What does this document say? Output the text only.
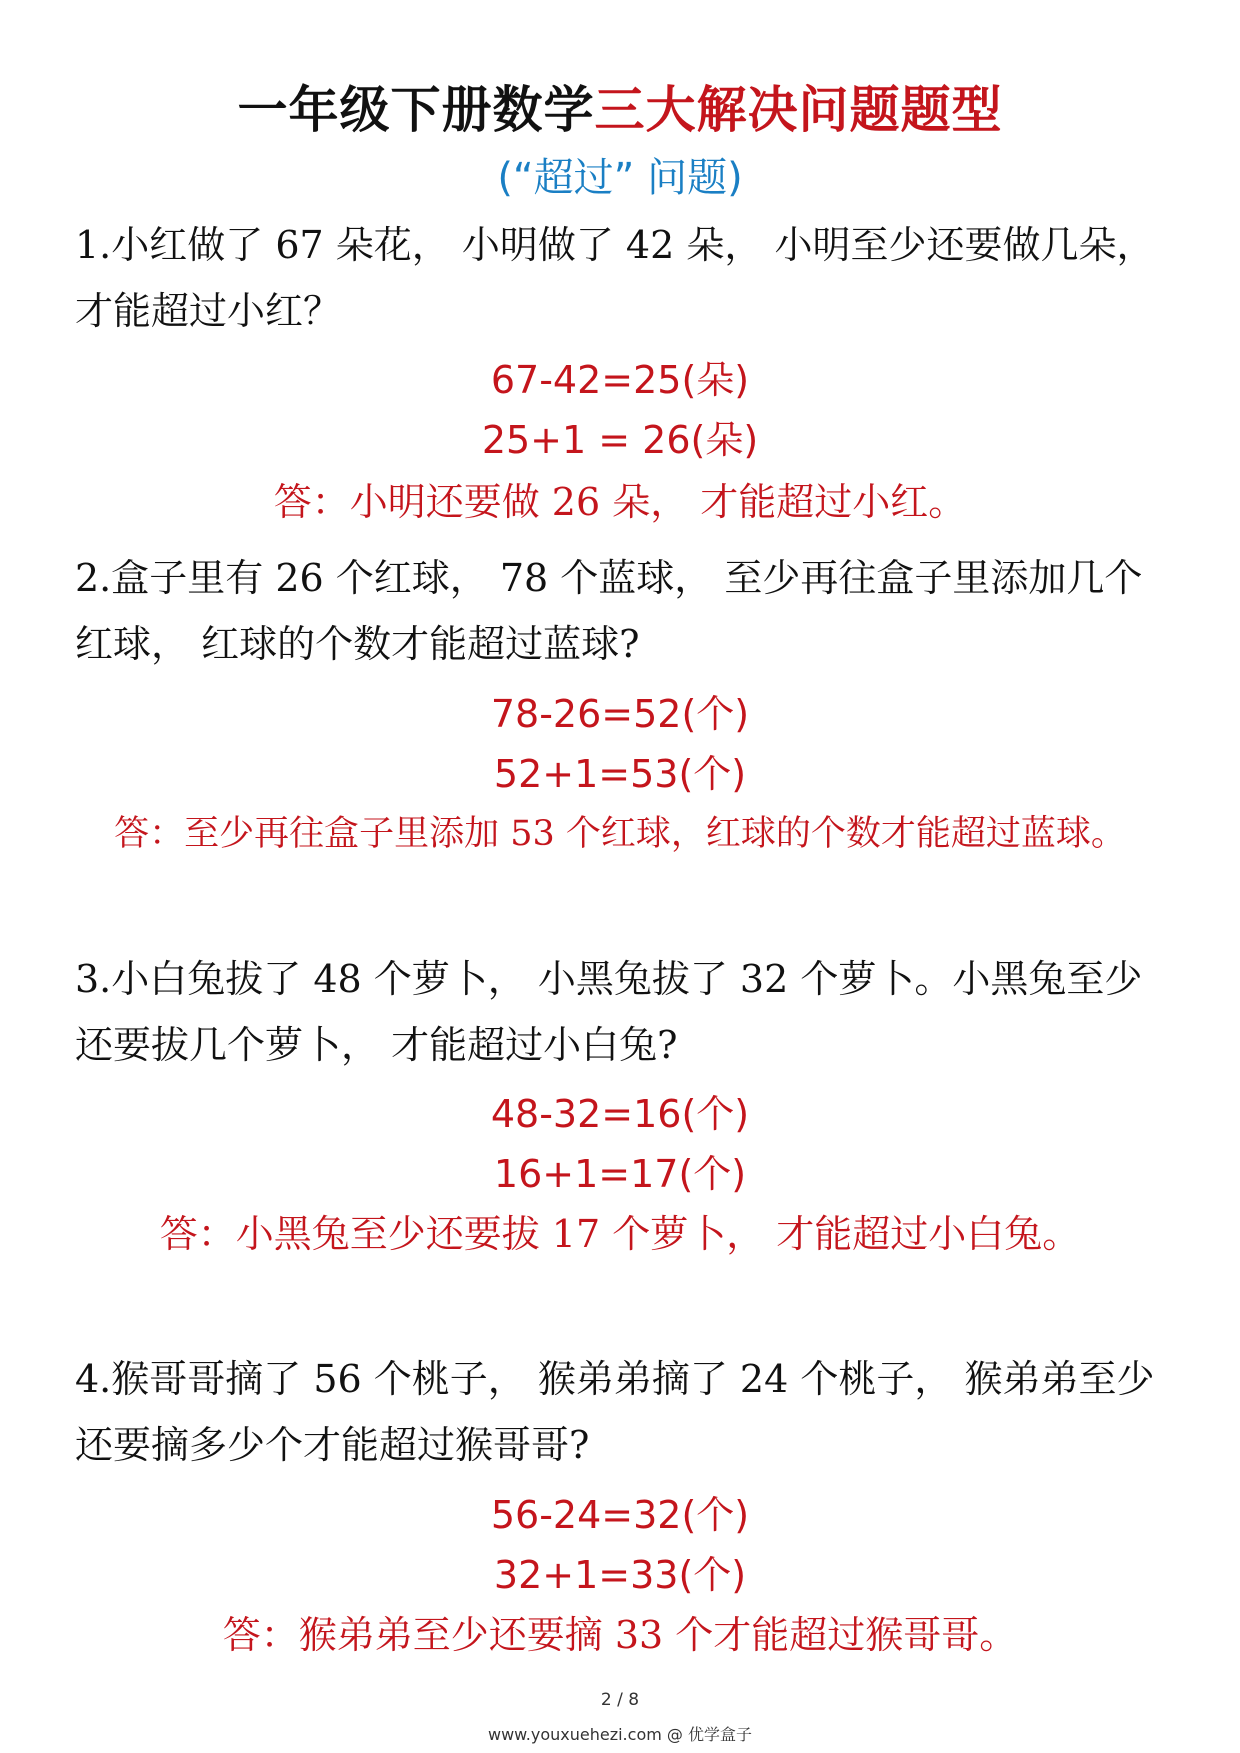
一年级下册数学三大解决问题题型
(“超过” 问题)
1.小红做了 67 朵花， 小明做了 42 朵， 小明至少还要做几朵，才能超过小红？
67-42=25(朵)
25+1 = 26(朵)
答：小明还要做 26 朵， 才能超过小红。
2.盒子里有 26 个红球， 78 个蓝球， 至少再往盒子里添加几个红球， 红球的个数才能超过蓝球?
78-26=52(个)
52+1=53(个)
答：至少再往盒子里添加 53 个红球，红球的个数才能超过蓝球。
3.小白兔拔了 48 个萝卜， 小黑兔拔了 32 个萝卜。小黑兔至少还要拔几个萝卜， 才能超过小白兔?
48-32=16(个)
16+1=17(个)
答：小黑兔至少还要拔 17 个萝卜， 才能超过小白兔。
4.猴哥哥摘了 56 个桃子， 猴弟弟摘了 24 个桃子， 猴弟弟至少还要摘多少个才能超过猴哥哥?
56-24=32(个)
32+1=33(个)
答：猴弟弟至少还要摘 33 个才能超过猴哥哥。
2 / 8
www.youxuehezi.com @ 优学盒子
